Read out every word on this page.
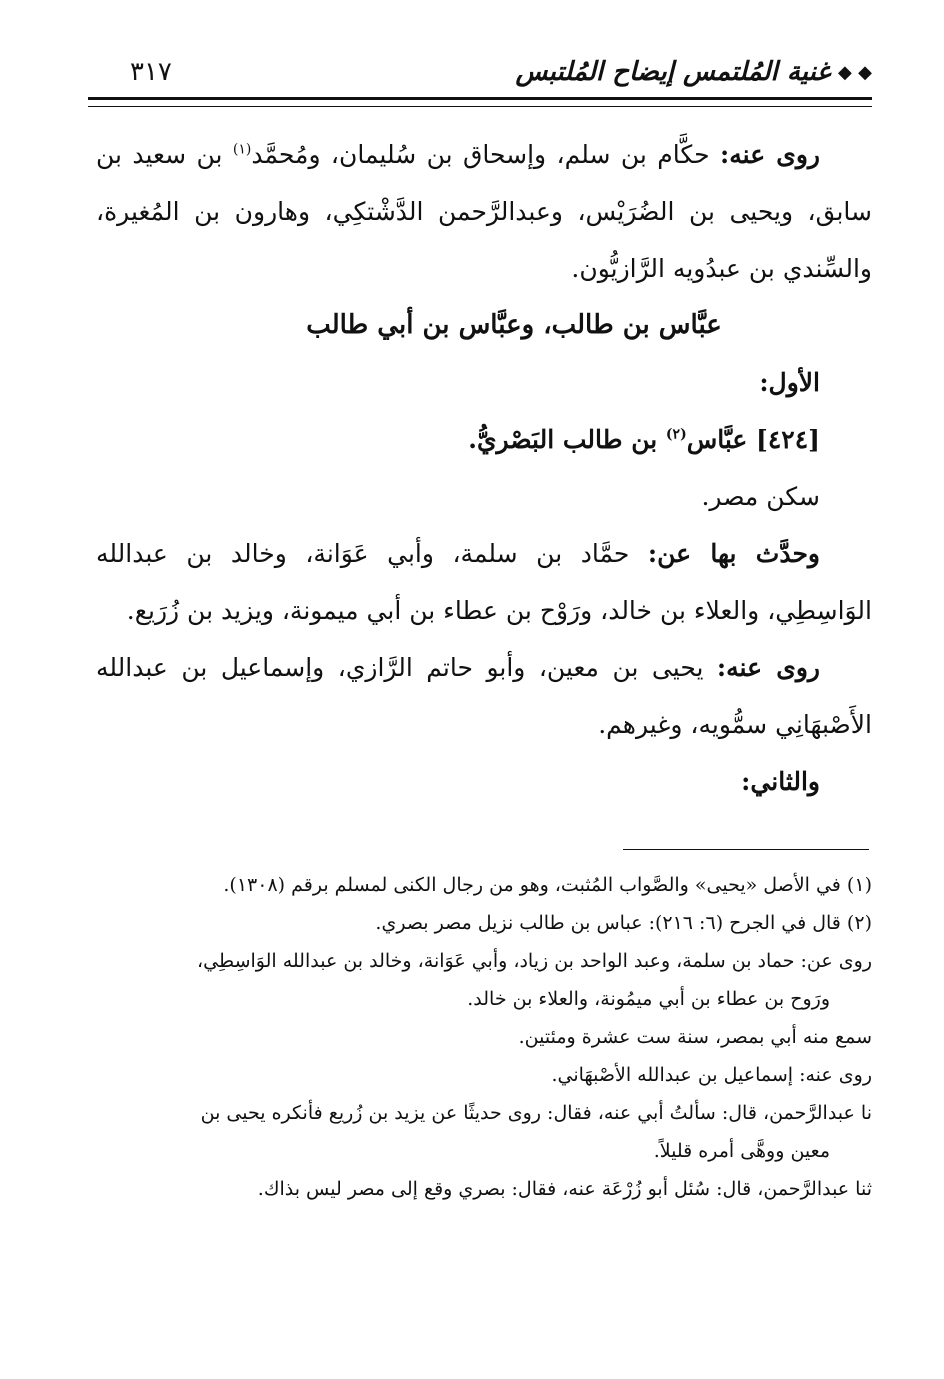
◆ ◆
غنية المُلتمس إيضاح المُلتبس
٣١٧

روى عنه: حكَّام بن سلم، وإسحاق بن سُليمان، ومُحمَّد$^{(١)}$ بن سعيد بن سابق، ويحيى بن الضُرَيْس، وعبدالرَّحمن الدَّشْتكِي، وهارون بن المُغيرة، والسِّندي بن عبدُويه الرَّازيُّون.

عبَّاس بن طالب، وعبَّاس بن أبي طالب

الأول:

[٤٢٤] عبَّاس$^{(٢)}$ بن طالب البَصْريُّ.

سكن مصر.

وحدَّث بها عن: حمَّاد بن سلمة، وأبي عَوَانة، وخالد بن عبدالله الوَاسِطِي، والعلاء بن خالد، ورَوْح بن عطاء بن أبي ميمونة، ويزيد بن زُرَيع.

روى عنه: يحيى بن معين، وأبو حاتم الرَّازي، وإسماعيل بن عبدالله الأَصْبهَانِي سمُّويه، وغيرهم.

والثاني:

(١) في الأصل «يحيى» والصَّواب المُثبت، وهو من رجال الكنى لمسلم برقم (١٣٠٨).

(٢) قال في الجرح (٦: ٢١٦): عباس بن طالب نزيل مصر بصري.

روى عن: حماد بن سلمة، وعبد الواحد بن زياد، وأبي عَوَانة، وخالد بن عبدالله الوَاسِطِي،

ورَوح بن عطاء بن أبي ميمُونة، والعلاء بن خالد.

سمع منه أبي بمصر، سنة ست عشرة ومئتين.

روى عنه: إسماعيل بن عبدالله الأصْبهَاني.

نا عبدالرَّحمن، قال: سألتُ أبي عنه، فقال: روى حديثًا عن يزيد بن زُريع فأنكره يحيى بن

معين ووهَّى أمره قليلاً.

ثنا عبدالرَّحمن، قال: سُئل أبو زُرْعَة عنه، فقال: بصري وقع إلى مصر ليس بذاك.
